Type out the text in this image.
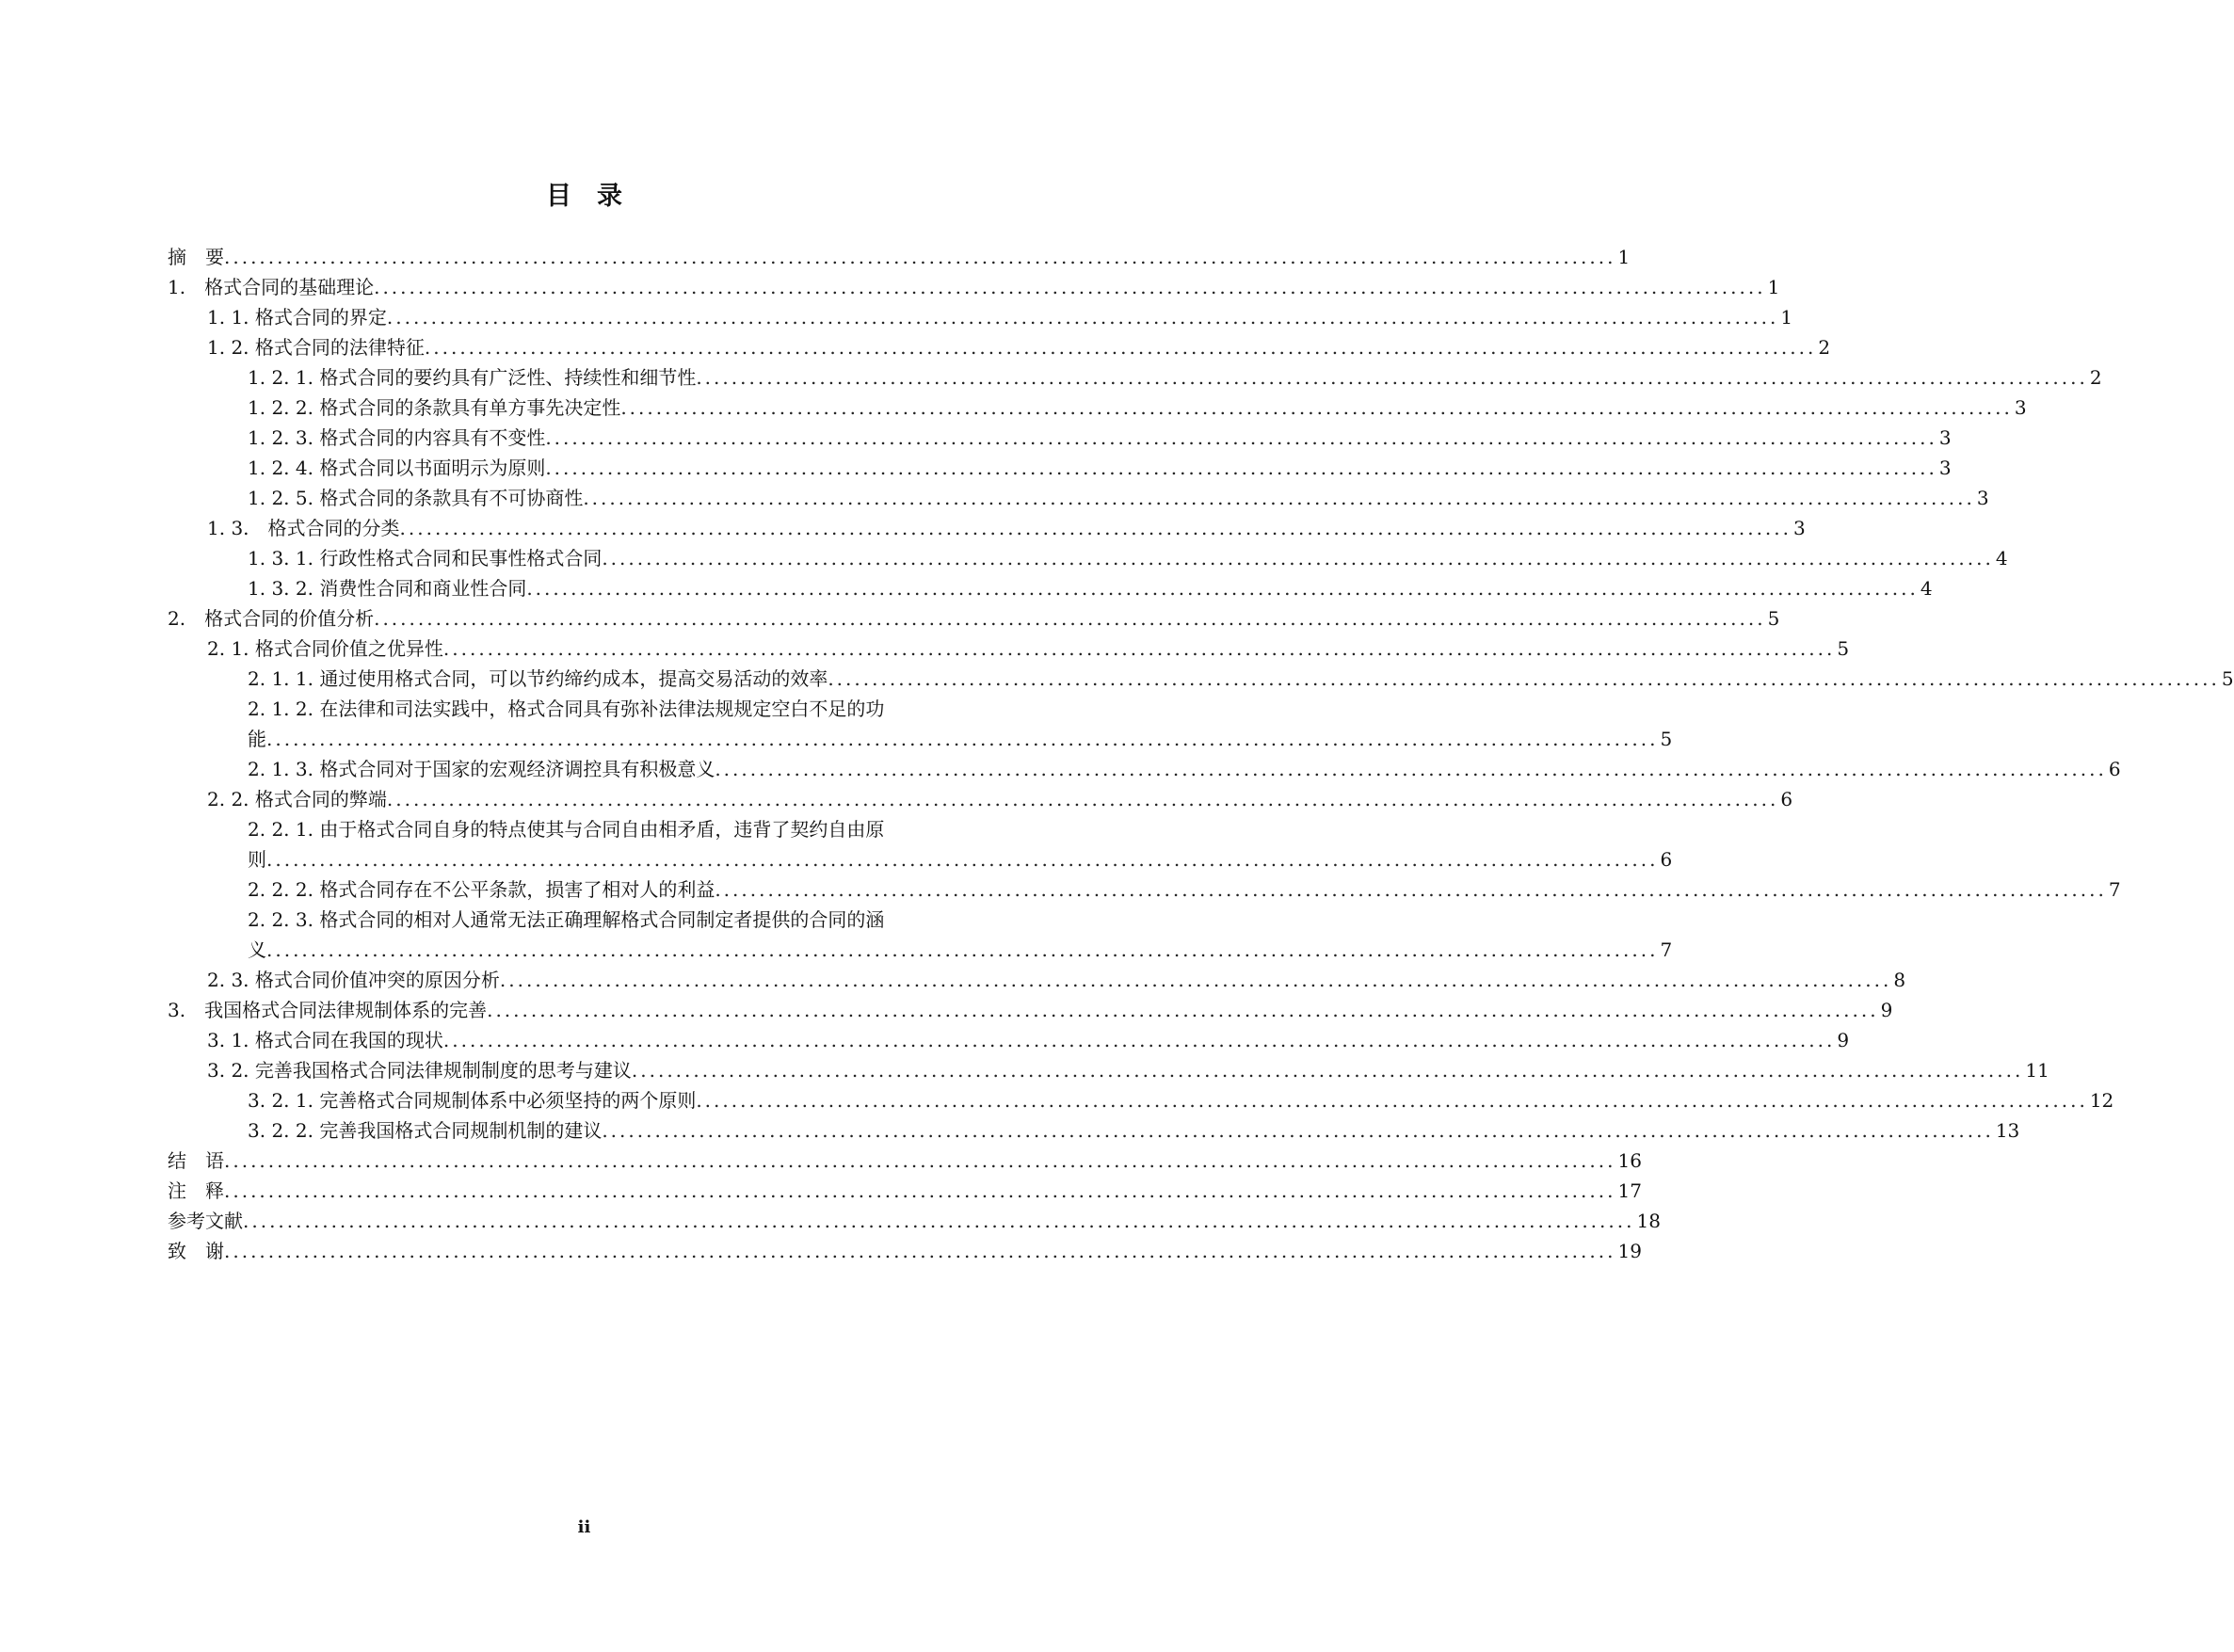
目　录
摘　要 .............................................................................................................................................................. 1
1.　格式合同的基础理论 .............................................................................................................................................................. 1
1. 1. 格式合同的界定 .............................................................................................................................................................. 1
1. 2. 格式合同的法律特征 .............................................................................................................................................................. 2
1. 2. 1. 格式合同的要约具有广泛性、持续性和细节性 .............................................................................................................................................................. 2
1. 2. 2. 格式合同的条款具有单方事先决定性 .............................................................................................................................................................. 3
1. 2. 3. 格式合同的内容具有不变性 .............................................................................................................................................................. 3
1. 2. 4. 格式合同以书面明示为原则 .............................................................................................................................................................. 3
1. 2. 5. 格式合同的条款具有不可协商性 .............................................................................................................................................................. 3
1. 3.　格式合同的分类 .............................................................................................................................................................. 3
1. 3. 1. 行政性格式合同和民事性格式合同 .............................................................................................................................................................. 4
1. 3. 2. 消费性合同和商业性合同 .............................................................................................................................................................. 4
2.　格式合同的价值分析 .............................................................................................................................................................. 5
2. 1. 格式合同价值之优异性 .............................................................................................................................................................. 5
2. 1. 1. 通过使用格式合同，可以节约缔约成本，提高交易活动的效率 .............................................................................................................................................................. 5
2. 1. 2. 在法律和司法实践中，格式合同具有弥补法律法规规定空白不足的功
能 .............................................................................................................................................................. 5
2. 1. 3. 格式合同对于国家的宏观经济调控具有积极意义 .............................................................................................................................................................. 6
2. 2. 格式合同的弊端 .............................................................................................................................................................. 6
2. 2. 1. 由于格式合同自身的特点使其与合同自由相矛盾，违背了契约自由原
则 .............................................................................................................................................................. 6
2. 2. 2. 格式合同存在不公平条款，损害了相对人的利益 .............................................................................................................................................................. 7
2. 2. 3. 格式合同的相对人通常无法正确理解格式合同制定者提供的合同的涵
义 .............................................................................................................................................................. 7
2. 3. 格式合同价值冲突的原因分析 .............................................................................................................................................................. 8
3.　我国格式合同法律规制体系的完善 .............................................................................................................................................................. 9
3. 1. 格式合同在我国的现状 .............................................................................................................................................................. 9
3. 2. 完善我国格式合同法律规制制度的思考与建议 .............................................................................................................................................................. 11
3. 2. 1. 完善格式合同规制体系中必须坚持的两个原则 .............................................................................................................................................................. 12
3. 2. 2. 完善我国格式合同规制机制的建议 .............................................................................................................................................................. 13
结　语 .............................................................................................................................................................. 16
注　释 .............................................................................................................................................................. 17
参考文献 .............................................................................................................................................................. 18
致　谢 .............................................................................................................................................................. 19
ii
